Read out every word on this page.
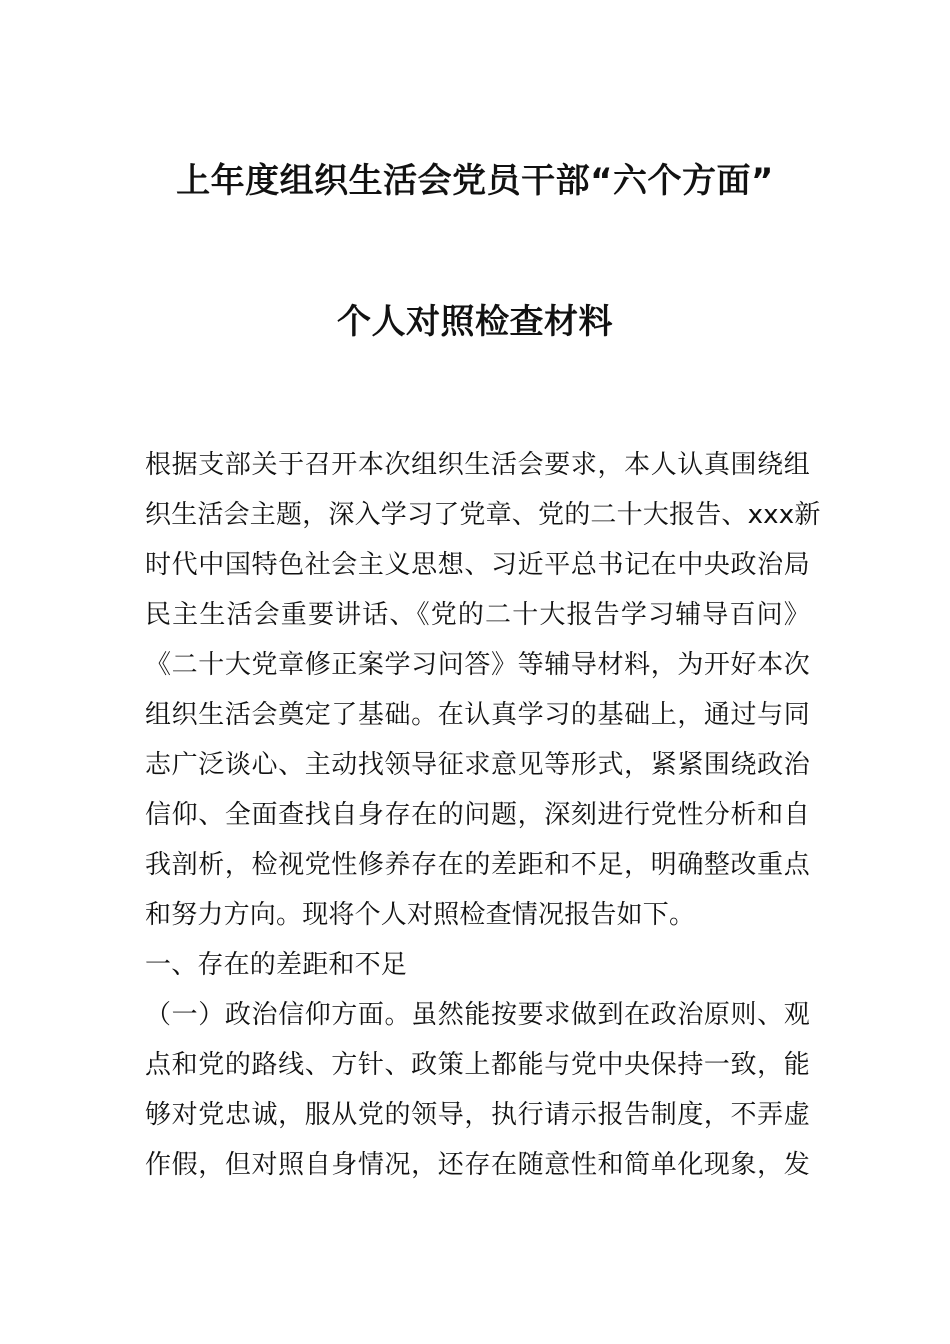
上年度组织生活会党员干部“六个方面”
个人对照检查材料
根据支部关于召开本次组织生活会要求，本人认真围绕组
织生活会主题，深入学习了党章、党的二十大报告、xxx新
时代中国特色社会主义思想、习近平总书记在中央政治局
民主生活会重要讲话、《党的二十大报告学习辅导百问》
《二十大党章修正案学习问答》等辅导材料，为开好本次
组织生活会奠定了基础。在认真学习的基础上，通过与同
志广泛谈心、主动找领导征求意见等形式，紧紧围绕政治
信仰、全面查找自身存在的问题，深刻进行党性分析和自
我剖析，检视党性修养存在的差距和不足，明确整改重点
和努力方向。现将个人对照检查情况报告如下。
一、存在的差距和不足
（一）政治信仰方面。虽然能按要求做到在政治原则、观
点和党的路线、方针、政策上都能与党中央保持一致，能
够对党忠诚，服从党的领导，执行请示报告制度，不弄虚
作假，但对照自身情况，还存在随意性和简单化现象，发
